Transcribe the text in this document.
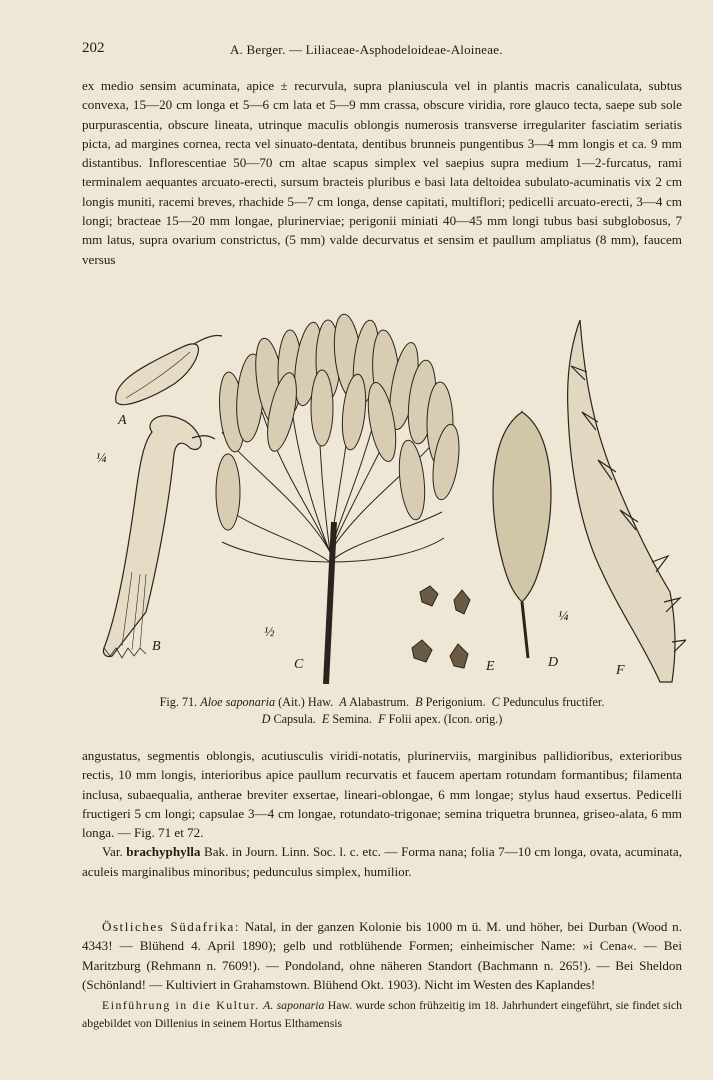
202	A. Berger. — Liliaceae-Asphodeloideae-Aloineae.

ex medio sensim acuminata, apice ± recurvula, supra planiuscula vel in plantis macris canaliculata, subtus convexa, 15—20 cm longa et 5—6 cm lata et 5—9 mm crassa, obscure viridia, rore glauco tecta, saepe sub sole purpurascentia, obscure lineata, utrinque maculis oblongis numerosis transverse irregulariter fasciatim seriatis picta, ad margines cornea, recta vel sinuato-dentata, dentibus brunneis pungentibus 3—4 mm longis et ca. 9 mm distantibus. Inflorescentiae 50—70 cm altae scapus simplex vel saepius supra medium 1—2-furcatus, rami terminalem aequantes arcuato-erecti, sursum bracteis pluribus e basi lata deltoidea subulato-acuminatis vix 2 cm longis muniti, racemi breves, rhachide 5—7 cm longa, dense capitati, multiflori; pedicelli arcuato-erecti, 3—4 cm longi; bracteae 15—20 mm longae, plurinerviae; perigonii miniati 40—45 mm longi tubus basi subglobosus, 7 mm latus, supra ovarium constrictus, (5 mm) valde decurvatus et sensim et paullum ampliatus (8 mm), faucem versus

A
¼
B
½
C
¼
D
E	F

Fig. 71. Aloe saponaria (Ait.) Haw. A Alabastrum. B Perigonium. C Pedunculus fructifer.

D Capsula. E Semina. F Folii apex. (Icon. orig.)

angustatus, segmentis oblongis, acutiusculis viridi-notatis, plurinerviis, marginibus pallidioribus, exterioribus rectis, 10 mm longis, interioribus apice paullum recurvatis et faucem apertam rotundam formantibus; filamenta inclusa, subaequalia, antherae breviter exsertae, lineari-oblongae, 6 mm longae; stylus haud exsertus. Pedicelli fructigeri 5 cm longi; capsulae 3—4 cm longae, rotundato-trigonae; semina triquetra brunnea, griseo-alata, 6 mm longa. — Fig. 71 et 72.

Var. brachyphylla Bak. in Journ. Linn. Soc. l. c. etc. — Forma nana; folia 7—10 cm longa, ovata, acuminata, aculeis marginalibus minoribus; pedunculus simplex, humilior.

Östliches Südafrika: Natal, in der ganzen Kolonie bis 1000 m ü. M. und höher, bei Durban (Wood n. 4343! — Blühend 4. April 1890); gelb und rotblühende Formen; einheimischer Name: »i Cena«. — Bei Maritzburg (Rehmann n. 7609!). — Pondoland, ohne näheren Standort (Bachmann n. 265!). — Bei Sheldon (Schönland! — Kultiviert in Grahamstown. Blühend Okt. 1903). Nicht im Westen des Kaplandes!

Einführung in die Kultur. A. saponaria Haw. wurde schon frühzeitig im 18. Jahrhundert eingeführt, sie findet sich abgebildet von Dillenius in seinem Hortus Elthamensis
